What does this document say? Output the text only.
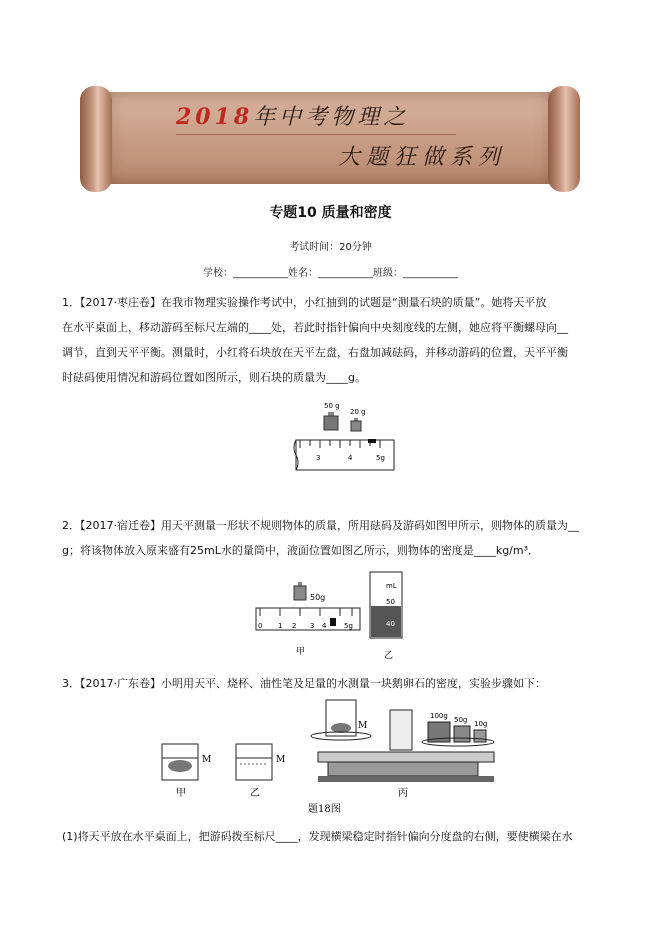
2018年中考物理之
大题狂做系列
专题10 质量和密度
考试时间：20分钟
学校：___________姓名：___________班级：___________
1．【2017·枣庄卷】在我市物理实验操作考试中，小红抽到的试题是“测量石块的质量”。她将天平放
在水平桌面上，移动游码至标尺左端的____处，若此时指针偏向中央刻度线的左侧，她应将平衡螺母向__
调节，直到天平平衡。测量时，小红将石块放在天平左盘，右盘加减砝码，并移动游码的位置，天平平衡
时砝码使用情况和游码位置如图所示，则石块的质量为____g。
50 g
20 g
3	4	5g
2．【2017·宿迁卷】用天平测量一形状不规则物体的质量，所用砝码及游码如图甲所示，则物体的质量为__
g；将该物体放入原来盛有25mL水的量筒中，液面位置如图乙所示，则物体的密度是____kg/m³．
50g
0 1 2 3 4	5g
甲
mL
50
40
乙
3．【2017·广东卷】小明用天平、烧杯、油性笔及足量的水测量一块鹅卵石的密度，实验步骤如下：
M	M
M
100g 50g 10g
甲	乙	丙
题18图
(1)将天平放在水平桌面上，把游码拨至标尺____，发现横梁稳定时指针偏向分度盘的右侧，要使横梁在水
